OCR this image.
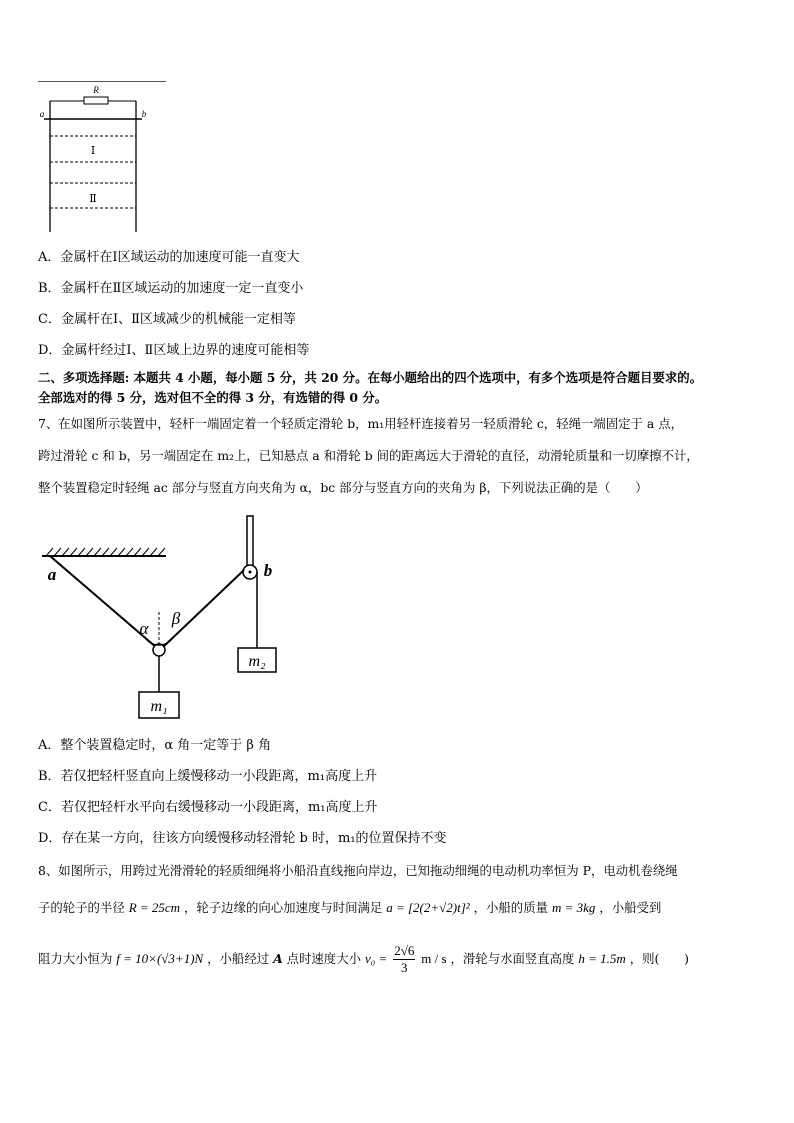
R
a	b
Ⅰ
Ⅱ
A．金属杆在Ⅰ区域运动的加速度可能一直变大
B．金属杆在Ⅱ区域运动的加速度一定一直变小
C．金属杆在Ⅰ、Ⅱ区域减少的机械能一定相等
D．金属杆经过Ⅰ、Ⅱ区域上边界的速度可能相等
二、多项选择题: 本题共 4 小题，每小题 5 分，共 20 分。在每小题给出的四个选项中，有多个选项是符合题目要求的。
全部选对的得 5 分，选对但不全的得 3 分，有选错的得 0 分。
7、在如图所示装置中，轻杆一端固定着一个轻质定滑轮 b，m₁用轻杆连接着另一轻质滑轮 c，轻绳一端固定于 a 点，
跨过滑轮 c 和 b，另一端固定在 m₂上，已知悬点 a 和滑轮 b 间的距离远大于滑轮的直径，动滑轮质量和一切摩擦不计，
整个装置稳定时轻绳 ac 部分与竖直方向夹角为 α，bc 部分与竖直方向的夹角为 β，下列说法正确的是（　　）
a	b
α
β
m₁
m₂
A．整个装置稳定时，α 角一定等于 β 角
B．若仅把轻杆竖直向上缓慢移动一小段距离，m₁高度上升
C．若仅把轻杆水平向右缓慢移动一小段距离，m₁高度上升
D．存在某一方向，往该方向缓慢移动轻滑轮 b 时，m₁的位置保持不变
8、如图所示，用跨过光滑滑轮的轻质细绳将小船沿直线拖向岸边，已知拖动细绳的电动机功率恒为 P，电动机卷绕绳
子的轮子的半径 R = 25cm ，轮子边缘的向心加速度与时间满足 a = [2(2+√2)t]² ，小船的质量 m = 3kg ，小船受到
阻力大小恒为 f = 10×(√3+1)N ，小船经过 A 点时速度大小 $v_0 = \frac{2√6}{3}$ m / s ，滑轮与水面竖直高度 h = 1.5m ，则(　　)
